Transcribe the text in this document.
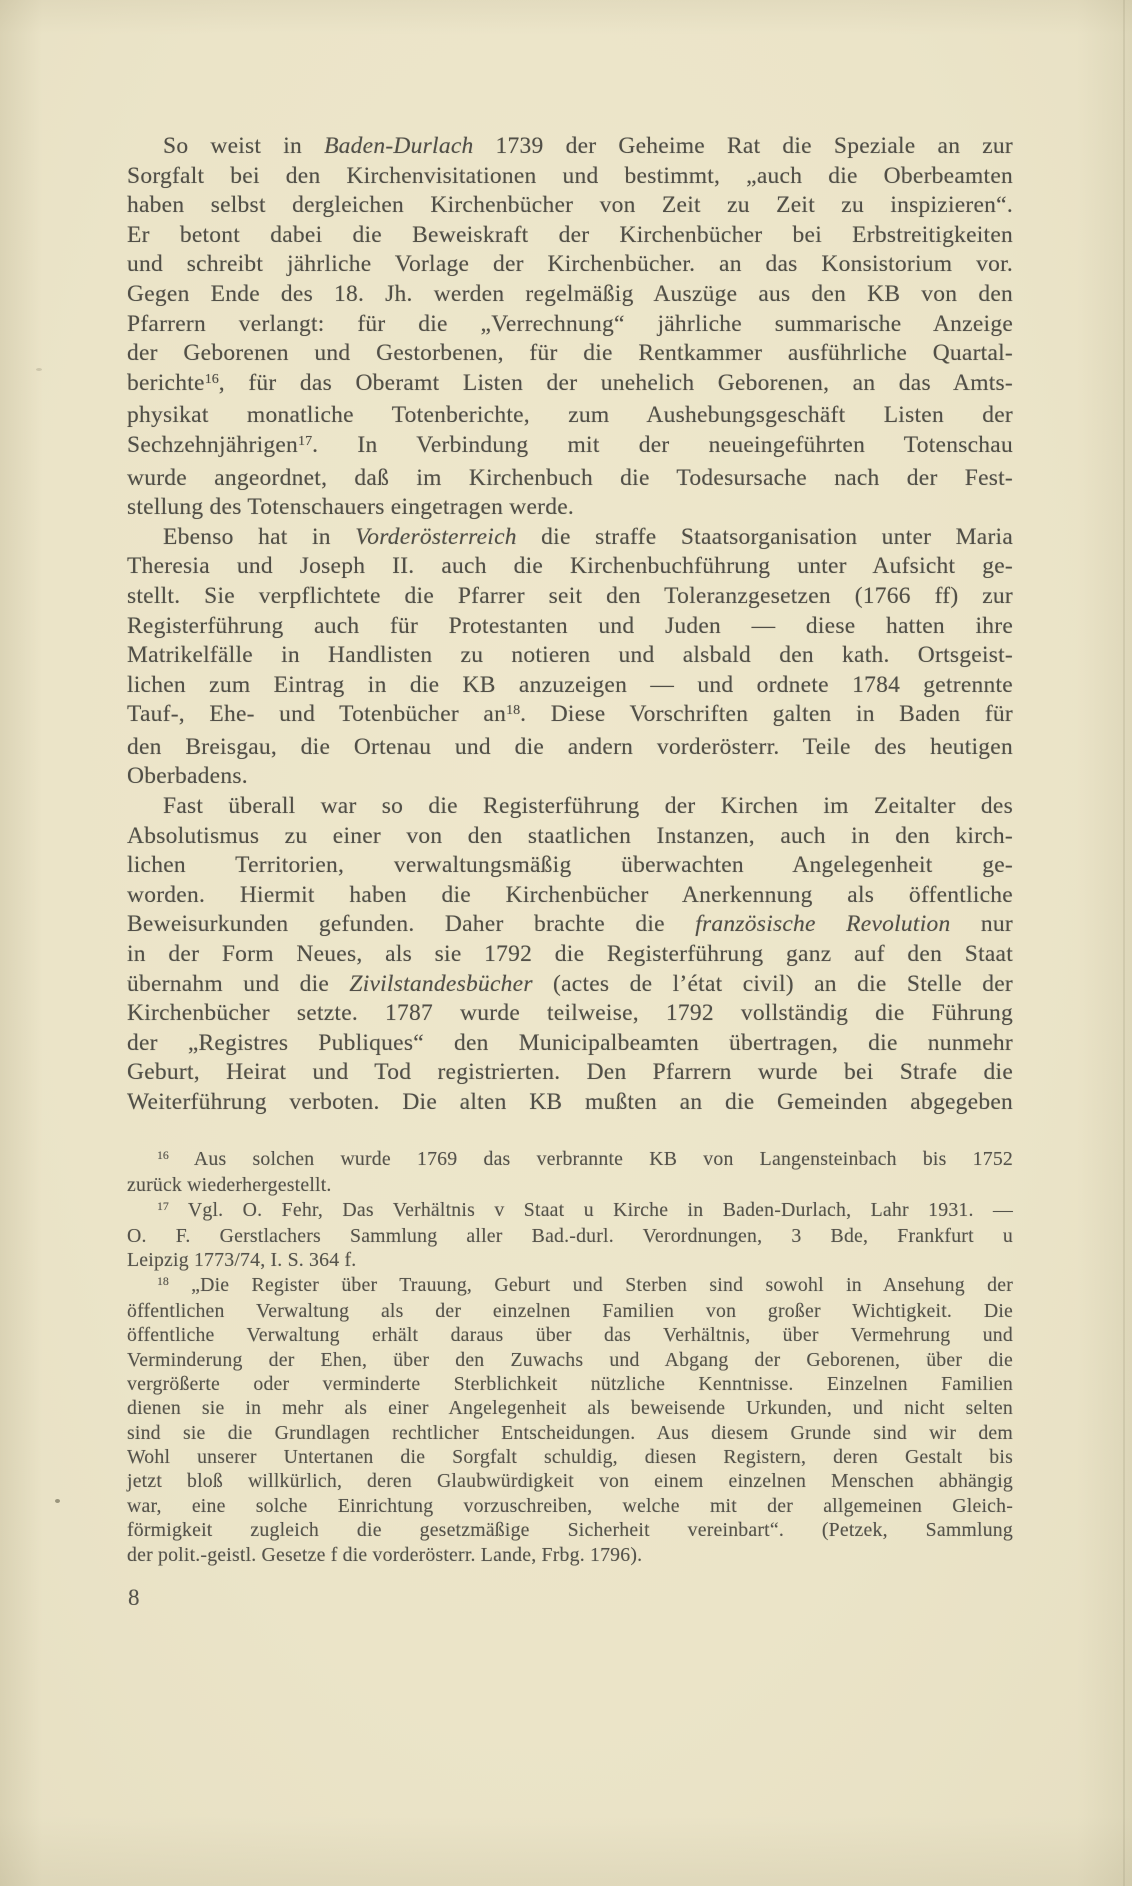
So weist in Baden-Durlach 1739 der Geheime Rat die Speziale an zur
Sorgfalt bei den Kirchenvisitationen und bestimmt, „auch die Oberbeamten
haben selbst dergleichen Kirchenbücher von Zeit zu Zeit zu inspizieren“.
Er betont dabei die Beweiskraft der Kirchenbücher bei Erbstreitigkeiten
und schreibt jährliche Vorlage der Kirchenbücher. an das Konsistorium vor.
Gegen Ende des 18. Jh. werden regelmäßig Auszüge aus den KB von den
Pfarrern verlangt: für die „Verrechnung“ jährliche summarische Anzeige
der Geborenen und Gestorbenen, für die Rentkammer ausführliche Quartal-
berichte$^{16}$, für das Oberamt Listen der unehelich Geborenen, an das Amts-
physikat monatliche Totenberichte, zum Aushebungsgeschäft Listen der
Sechzehnjährigen$^{17}$. In Verbindung mit der neueingeführten Totenschau
wurde angeordnet, daß im Kirchenbuch die Todesursache nach der Fest-
stellung des Totenschauers eingetragen werde.
Ebenso hat in Vorderösterreich die straffe Staatsorganisation unter Maria
Theresia und Joseph II. auch die Kirchenbuchführung unter Aufsicht ge-
stellt. Sie verpflichtete die Pfarrer seit den Toleranzgesetzen (1766 ff) zur
Registerführung auch für Protestanten und Juden — diese hatten ihre
Matrikelfälle in Handlisten zu notieren und alsbald den kath. Ortsgeist-
lichen zum Eintrag in die KB anzuzeigen — und ordnete 1784 getrennte
Tauf-, Ehe- und Totenbücher $an^{18}$. Diese Vorschriften galten in Baden für
den Breisgau, die Ortenau und die andern vorderösterr. Teile des heutigen
Oberbadens.
Fast überall war so die Registerführung der Kirchen im Zeitalter des
Absolutismus zu einer von den staatlichen Instanzen, auch in den kirch-
lichen Territorien, verwaltungsmäßig überwachten Angelegenheit ge-
worden. Hiermit haben die Kirchenbücher Anerkennung als öffentliche
Beweisurkunden gefunden. Daher brachte die französische Revolution nur
in der Form Neues, als sie 1792 die Registerführung ganz auf den Staat
übernahm und die Zivilstandesbücher (actes de l’état civil) an die Stelle der
Kirchenbücher setzte. 1787 wurde teilweise, 1792 vollständig die Führung
der „Registres Publiques“ den Municipalbeamten übertragen, die nunmehr
Geburt, Heirat und Tod registrierten. Den Pfarrern wurde bei Strafe die
Weiterführung verboten. Die alten KB mußten an die Gemeinden abgegeben
$^{16}$ Aus solchen wurde 1769 das verbrannte KB von Langensteinbach bis 1752
zurück wiederhergestellt.
$^{17}$ Vgl. O. Fehr, Das Verhältnis v Staat u Kirche in Baden-Durlach, Lahr 1931. —
O. F. Gerstlachers Sammlung aller Bad.-durl. Verordnungen, 3 Bde, Frankfurt u
Leipzig 1773/74, I. S. 364 f.
$^{18}$ „Die Register über Trauung, Geburt und Sterben sind sowohl in Ansehung der
öffentlichen Verwaltung als der einzelnen Familien von großer Wichtigkeit. Die
öffentliche Verwaltung erhält daraus über das Verhältnis, über Vermehrung und
Verminderung der Ehen, über den Zuwachs und Abgang der Geborenen, über die
vergrößerte oder verminderte Sterblichkeit nützliche Kenntnisse. Einzelnen Familien
dienen sie in mehr als einer Angelegenheit als beweisende Urkunden, und nicht selten
sind sie die Grundlagen rechtlicher Entscheidungen. Aus diesem Grunde sind wir dem
Wohl unserer Untertanen die Sorgfalt schuldig, diesen Registern, deren Gestalt bis
jetzt bloß willkürlich, deren Glaubwürdigkeit von einem einzelnen Menschen abhängig
war, eine solche Einrichtung vorzuschreiben, welche mit der allgemeinen Gleich-
förmigkeit zugleich die gesetzmäßige Sicherheit vereinbart“. (Petzek, Sammlung
der polit.-geistl. Gesetze f die vorderösterr. Lande, Frbg. 1796).
8
